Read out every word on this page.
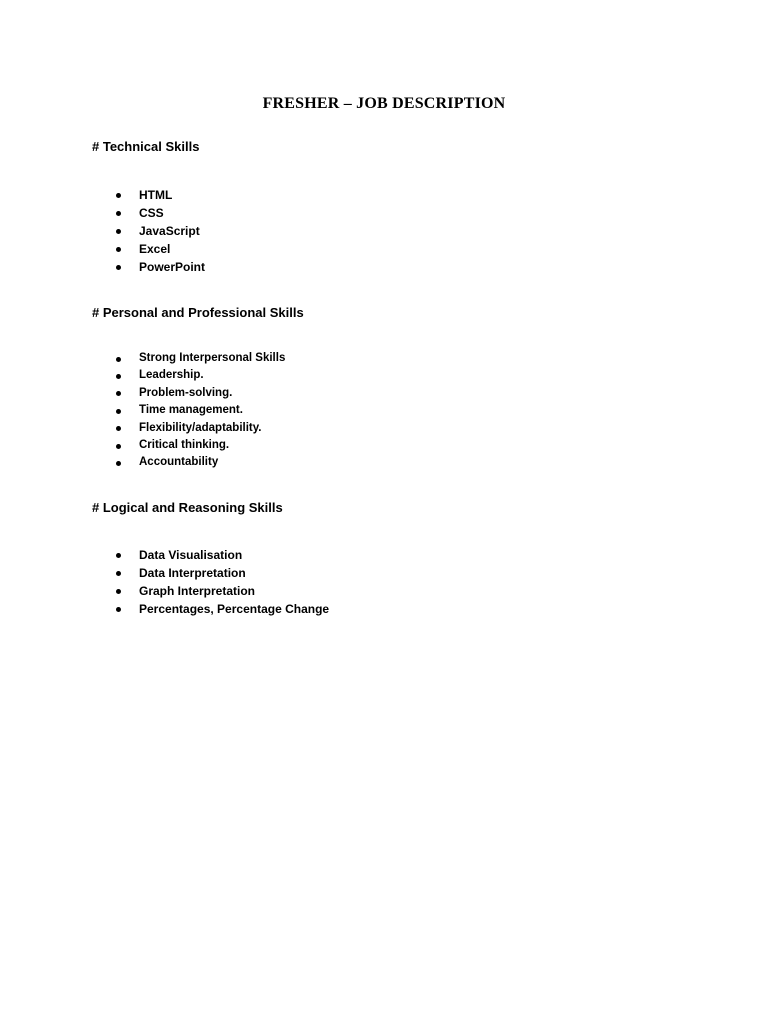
FRESHER – JOB DESCRIPTION
# Technical Skills
HTML
CSS
JavaScript
Excel
PowerPoint
# Personal and Professional Skills
Strong Interpersonal Skills
Leadership.
Problem-solving.
Time management.
Flexibility/adaptability.
Critical thinking.
Accountability
# Logical and Reasoning Skills
Data Visualisation
Data Interpretation
Graph Interpretation
Percentages, Percentage Change
